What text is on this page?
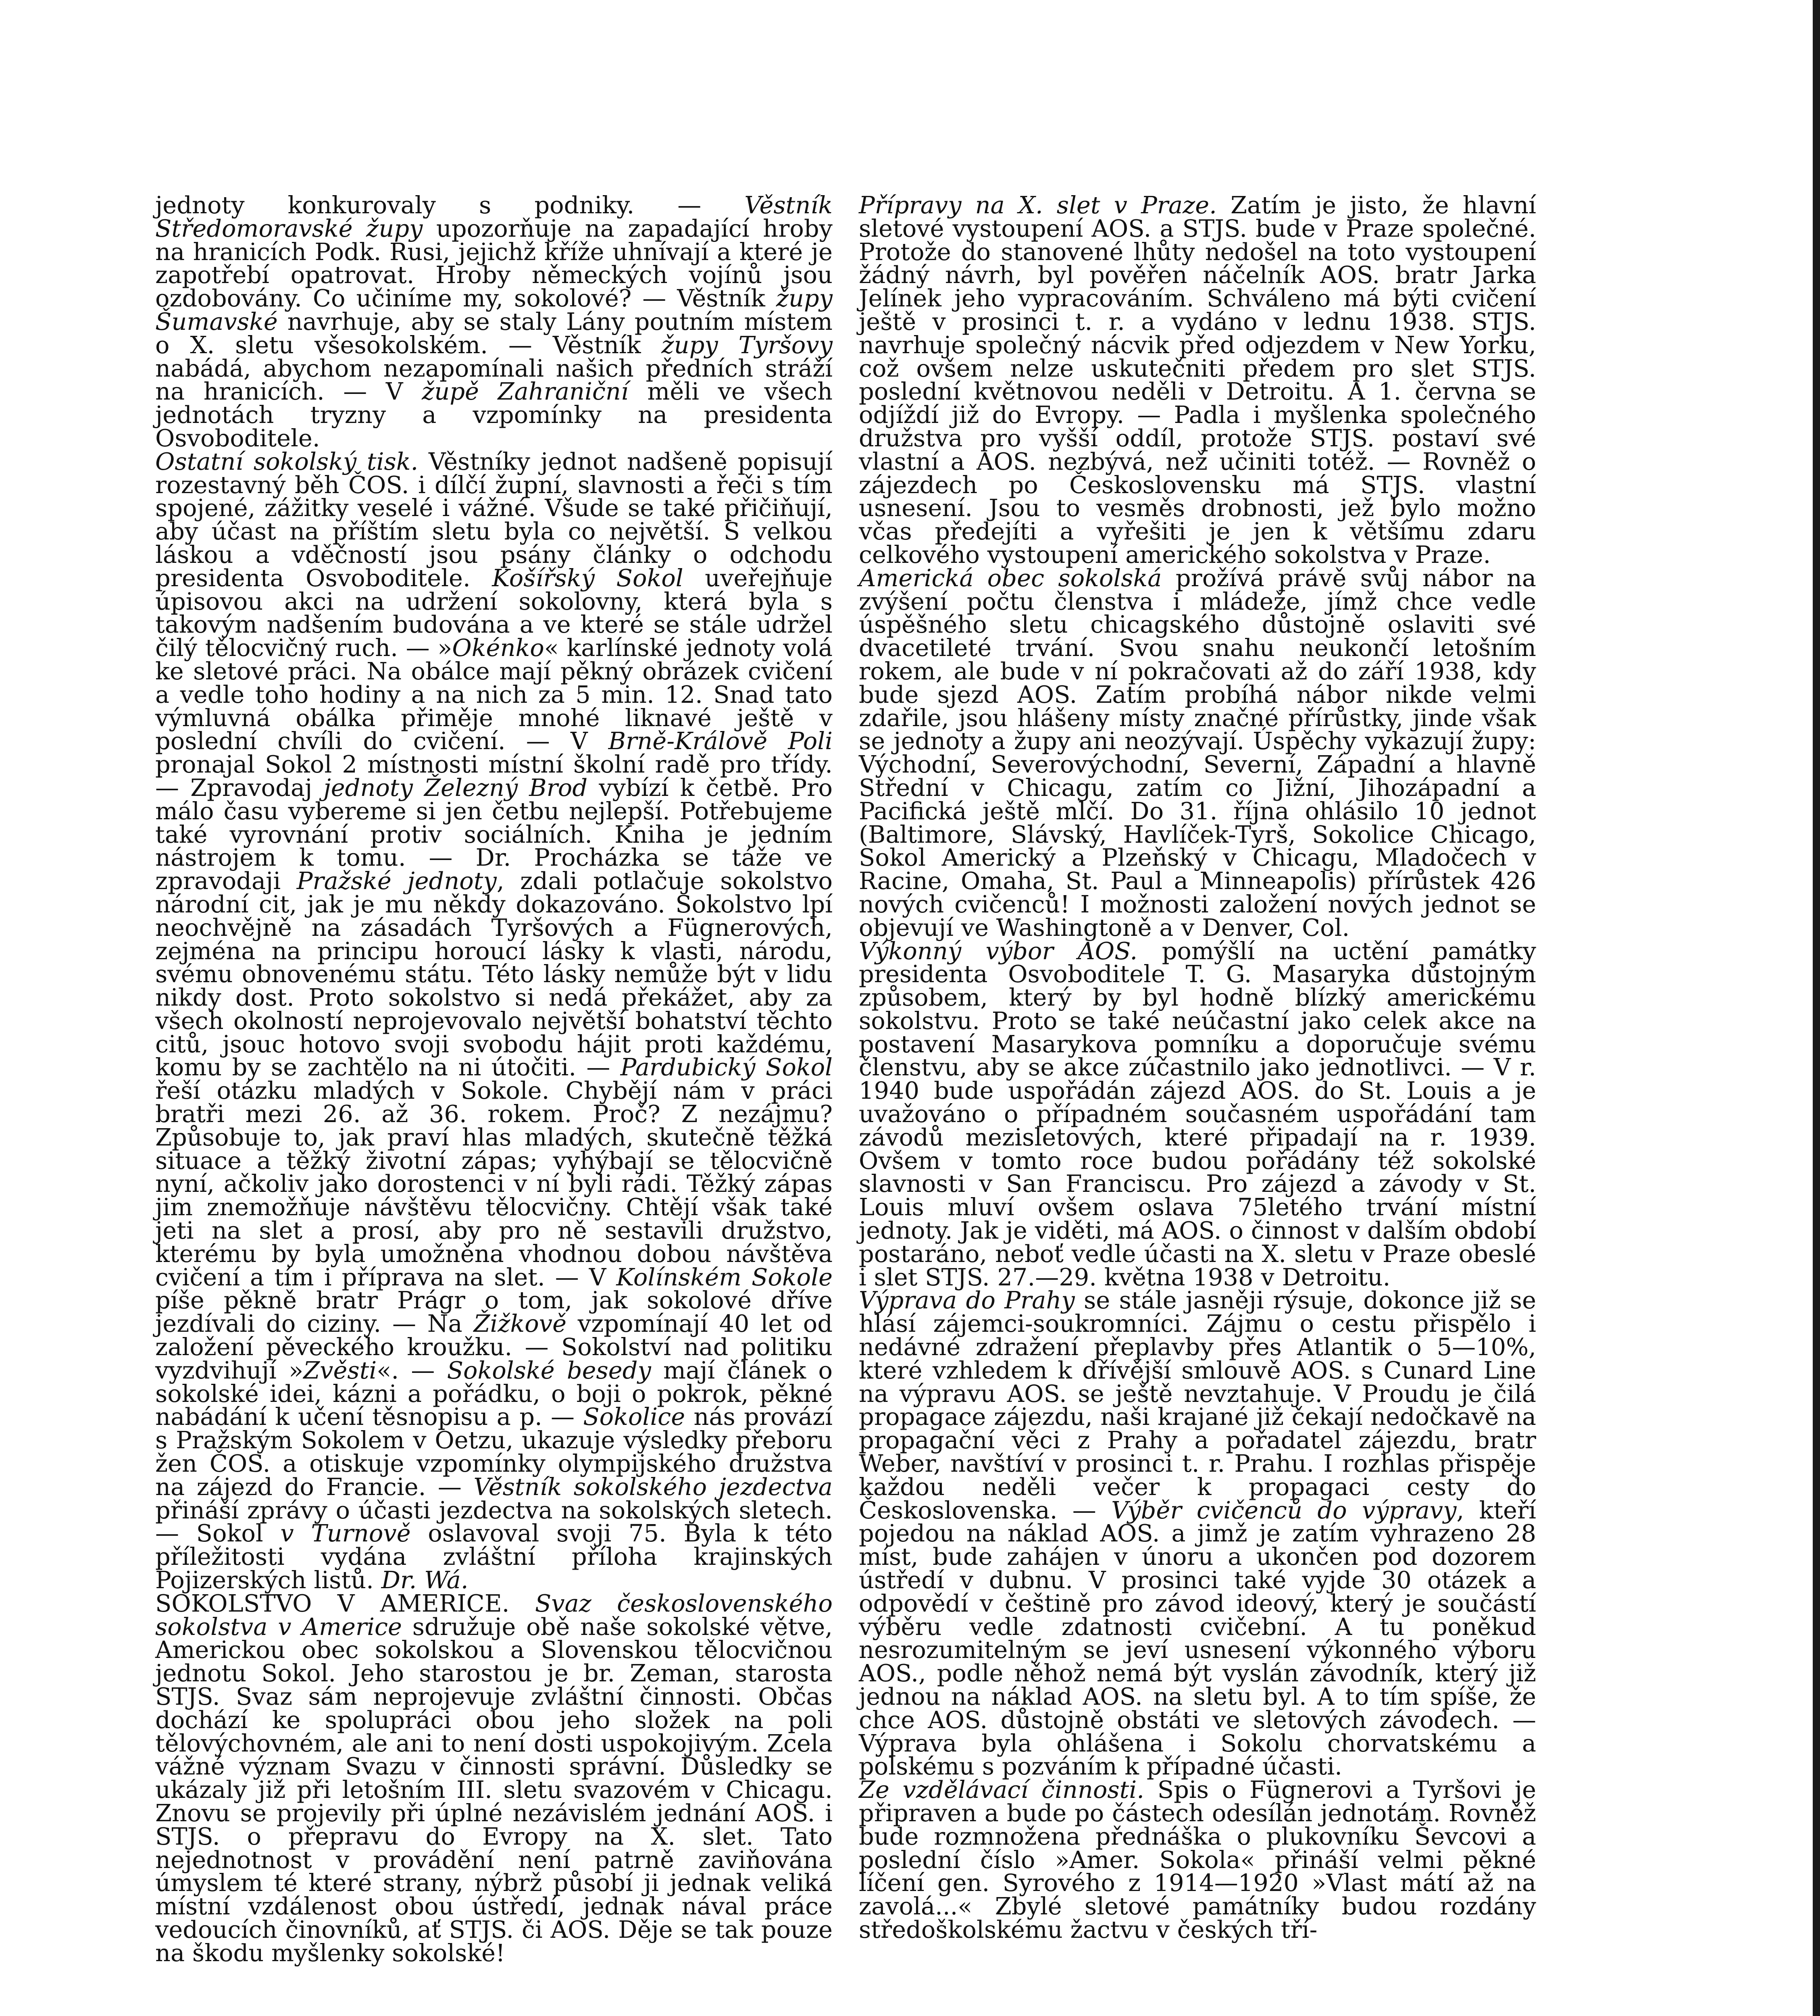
jednoty konkurovaly s podniky. — Věstník Středomoravské župy upozorňuje na zapadající hroby na hranicích Podk. Rusi, jejichž kříže uhnívají a které je zapotřebí opatrovat. Hroby německých vojínů jsou ozdobovány. Co učiníme my, sokolové? — Věstník župy Šumavské navrhuje, aby se staly Lány poutním místem o X. sletu všesokolském. — Věstník župy Tyršovy nabádá, abychom nezapomínali našich předních stráží na hranicích. — V župě Zahraniční měli ve všech jednotách tryzny a vzpomínky na presidenta Osvoboditele.

Ostatní sokolský tisk. Věstníky jednot nadšeně popisují rozestavný běh ČOS. i dílčí župní, slavnosti a řeči s tím spojené, zážitky veselé i vážné. Všude se také přičiňují, aby účast na příštím sletu byla co největší. S velkou láskou a vděčností jsou psány články o odchodu presidenta Osvoboditele. Košířský Sokol uveřejňuje úpisovou akci na udržení sokolovny, která byla s takovým nadšením budována a ve které se stále udržel čilý tělocvičný ruch. — »Okénko« karlínské jednoty volá ke sletové práci. Na obálce mají pěkný obrázek cvičení a vedle toho hodiny a na nich za 5 min. 12. Snad tato výmluvná obálka přiměje mnohé liknavé ještě v poslední chvíli do cvičení. — V Brně-Králově Poli pronajal Sokol 2 místnosti místní školní radě pro třídy. — Zpravodaj jednoty Železný Brod vybízí k četbě. Pro málo času vybereme si jen četbu nejlepší. Potřebujeme také vyrovnání protiv sociálních. Kniha je jedním nástrojem k tomu. — Dr. Procházka se táže ve zpravodaji Pražské jednoty, zdali potlačuje sokolstvo národní cit, jak je mu někdy dokazováno. Sokolstvo lpí neochvějně na zásadách Tyršových a Fügnerových, zejména na principu horoucí lásky k vlasti, národu, svému obnovenému státu. Této lásky nemůže být v lidu nikdy dost. Proto sokolstvo si nedá překážet, aby za všech okolností neprojevovalo největší bohatství těchto citů, jsouc hotovo svoji svobodu hájit proti každému, komu by se zachtělo na ni útočiti. — Pardubický Sokol řeší otázku mladých v Sokole. Chybějí nám v práci bratři mezi 26. až 36. rokem. Proč? Z nezájmu? Způsobuje to, jak praví hlas mladých, skutečně těžká situace a těžký životní zápas; vyhýbají se tělocvičně nyní, ačkoliv jako dorostenci v ní byli rádi. Těžký zápas jim znemožňuje návštěvu tělocvičny. Chtějí však také jeti na slet a prosí, aby pro ně sestavili družstvo, kterému by byla umožněna vhodnou dobou návštěva cvičení a tím i příprava na slet. — V Kolínském Sokole píše pěkně bratr Prágr o tom, jak sokolové dříve jezdívali do ciziny. — Na Žižkově vzpomínají 40 let od založení pěveckého kroužku. — Sokolství nad politiku vyzdvihují »Zvěsti«. — Sokolské besedy mají článek o sokolské idei, kázni a pořádku, o boji o pokrok, pěkné nabádání k učení těsnopisu a p. — Sokolice nás provází s Pražským Sokolem v Oetzu, ukazuje výsledky přeboru žen ČOS. a otiskuje vzpomínky olympijského družstva na zájezd do Francie. — Věstník sokolského jezdectva přináší zprávy o účasti jezdectva na sokolských sletech. — Sokol v Turnově oslavoval svoji 75. Byla k této příležitosti vydána zvláštní příloha krajinských Pojizerských listů. Dr. Wá.

SOKOLSTVO V AMERICE. Svaz československého sokolstva v Americe sdružuje obě naše sokolské větve, Americkou obec sokolskou a Slovenskou tělocvičnou jednotu Sokol. Jeho starostou je br. Zeman, starosta STJS. Svaz sám neprojevuje zvláštní činnosti. Občas dochází ke spolupráci obou jeho složek na poli tělovýchovném, ale ani to není dosti uspokojivým. Zcela vážné význam Svazu v činnosti správní. Důsledky se ukázaly již při letošním III. sletu svazovém v Chicagu. Znovu se projevily při úplné nezávislém jednání AOS. i STJS. o přepravu do Evropy na X. slet. Tato nejednotnost v provádění není patrně zaviňována úmyslem té které strany, nýbrž působí ji jednak veliká místní vzdálenost obou ústředí, jednak nával práce vedoucích činovníků, ať STJS. či AOS. Děje se tak pouze na škodu myšlenky sokolské!

Přípravy na X. slet v Praze. Zatím je jisto, že hlavní sletové vystoupení AOS. a STJS. bude v Praze společné. Protože do stanovené lhůty nedošel na toto vystoupení žádný návrh, byl pověřen náčelník AOS. bratr Jarka Jelínek jeho vypracováním. Schváleno má býti cvičení ještě v prosinci t. r. a vydáno v lednu 1938. STJS. navrhuje společný nácvik před odjezdem v New Yorku, což ovšem nelze uskutečniti předem pro slet STJS. poslední květnovou neděli v Detroitu. A 1. června se odjíždí již do Evropy. — Padla i myšlenka společného družstva pro vyšší oddíl, protože STJS. postaví své vlastní a AOS. nezbývá, než učiniti totéž. — Rovněž o zájezdech po Československu má STJS. vlastní usnesení. Jsou to vesměs drobnosti, jež bylo možno včas předejíti a vyřešiti je jen k většímu zdaru celkového vystoupení amerického sokolstva v Praze.

Americká obec sokolská prožívá právě svůj nábor na zvýšení počtu členstva i mládeže, jímž chce vedle úspěšného sletu chicagského důstojně oslaviti své dvacetileté trvání. Svou snahu neukončí letošním rokem, ale bude v ní pokračovati až do září 1938, kdy bude sjezd AOS. Zatím probíhá nábor nikde velmi zdařile, jsou hlášeny místy značné přírůstky, jinde však se jednoty a župy ani neozývají. Úspěchy vykazují župy: Východní, Severovýchodní, Severní, Západní a hlavně Střední v Chicagu, zatím co Jižní, Jihozápadní a Pacifická ještě mlčí. Do 31. října ohlásilo 10 jednot (Baltimore, Slávský, Havlíček-Tyrš, Sokolice Chicago, Sokol Americký a Plzeňský v Chicagu, Mladočech v Racine, Omaha, St. Paul a Minneapolis) přírůstek 426 nových cvičenců! I možnosti založení nových jednot se objevují ve Washingtoně a v Denver, Col.

Výkonný výbor AOS. pomýšlí na uctění památky presidenta Osvoboditele T. G. Masaryka důstojným způsobem, který by byl hodně blízký americkému sokolstvu. Proto se také neúčastní jako celek akce na postavení Masarykova pomníku a doporučuje svému členstvu, aby se akce zúčastnilo jako jednotlivci. — V r. 1940 bude uspořádán zájezd AOS. do St. Louis a je uvažováno o případném současném uspořádání tam závodů mezisletových, které připadají na r. 1939. Ovšem v tomto roce budou pořádány též sokolské slavnosti v San Franciscu. Pro zájezd a závody v St. Louis mluví ovšem oslava 75letého trvání místní jednoty. Jak je viděti, má AOS. o činnost v dalším období postaráno, neboť vedle účasti na X. sletu v Praze obeslé i slet STJS. 27.—29. května 1938 v Detroitu.

Výprava do Prahy se stále jasněji rýsuje, dokonce již se hlásí zájemci-soukromníci. Zájmu o cestu přispělo i nedávné zdražení přeplavby přes Atlantik o 5—10%, které vzhledem k dřívější smlouvě AOS. s Cunard Line na výpravu AOS. se ještě nevztahuje. V Proudu je čilá propagace zájezdu, naši krajané již čekají nedočkavě na propagační věci z Prahy a pořadatel zájezdu, bratr Weber, navštíví v prosinci t. r. Prahu. I rozhlas přispěje každou neděli večer k propagaci cesty do Československa. — Výběr cvičenců do výpravy, kteří pojedou na náklad AOS. a jimž je zatím vyhrazeno 28 míst, bude zahájen v únoru a ukončen pod dozorem ústředí v dubnu. V prosinci také vyjde 30 otázek a odpovědí v češtině pro závod ideový, který je součástí výběru vedle zdatnosti cvičební. A tu poněkud nesrozumitelným se jeví usnesení výkonného výboru AOS., podle něhož nemá být vyslán závodník, který již jednou na náklad AOS. na sletu byl. A to tím spíše, že chce AOS. důstojně obstáti ve sletových závodech. — Výprava byla ohlášena i Sokolu chorvatskému a polskému s pozváním k případné účasti.

Ze vzdělávací činnosti. Spis o Fügnerovi a Tyršovi je připraven a bude po částech odesílán jednotám. Rovněž bude rozmnožena přednáška o plukovníku Ševcovi a poslední číslo »Amer. Sokola« přináší velmi pěkné líčení gen. Syrového z 1914—1920 »Vlast mátí až na zavolá...« Zbylé sletové památníky budou rozdány středoškolskému žactvu v českých tří-
